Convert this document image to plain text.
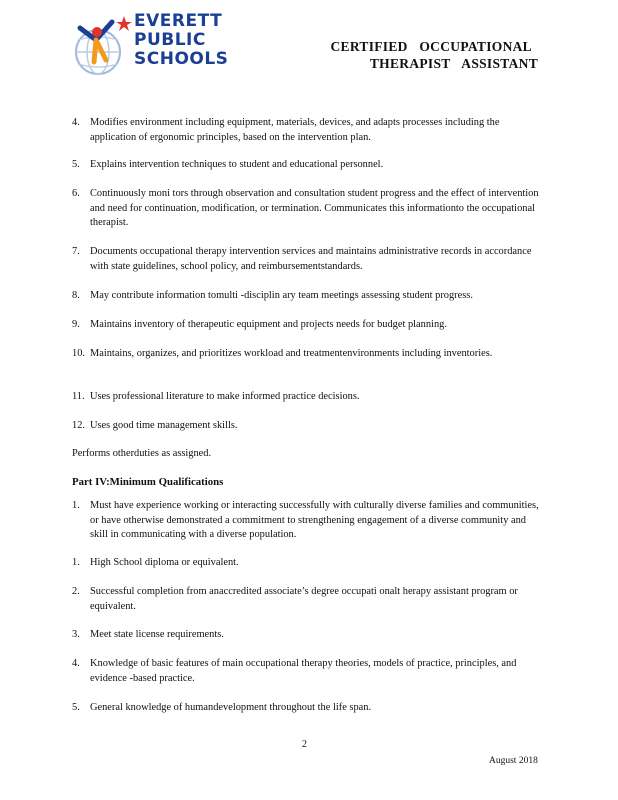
EVERETT
PUBLIC
SCHOOLS
CERTIFIED OCCUPATIONAL
THERAPIST ASSISTANT
4. Modifies environment including equipment, materials, devices, and adapts processes including the application of ergonomic principles, based on the intervention plan.
5. Explains intervention techniques to student and educational personnel.
6. Continuously moni tors through observation and consultation student progress and the effect of intervention and need for continuation, modification, or termination. Communicates this informationto the occupational therapist.
7. Documents occupational therapy intervention services and maintains administrative records in accordance with state guidelines, school policy, and reimbursementstandards.
8. May contribute information tomulti -disciplin ary team meetings assessing student progress.
9. Maintains inventory of therapeutic equipment and projects needs for budget planning.
10. Maintains, organizes, and prioritizes workload and treatmentenvironments including inventories.
11. Uses professional literature to make informed practice decisions.
12. Uses good time management skills.
Performs otherduties as assigned.
Part IV:Minimum Qualifications
1. Must have experience working or interacting successfully with culturally diverse families and communities, or have otherwise demonstrated a commitment to strengthening engagement of a diverse community and skill in communicating with a diverse population.
1. High School diploma or equivalent.
2. Successful completion from anaccredited associate’s degree occupati onalt herapy assistant program or equivalent.
3. Meet state license requirements.
4. Knowledge of basic features of main occupational therapy theories, models of practice, principles, and evidence -based practice.
5. General knowledge of humandevelopment throughout the life span.
2
August 2018
